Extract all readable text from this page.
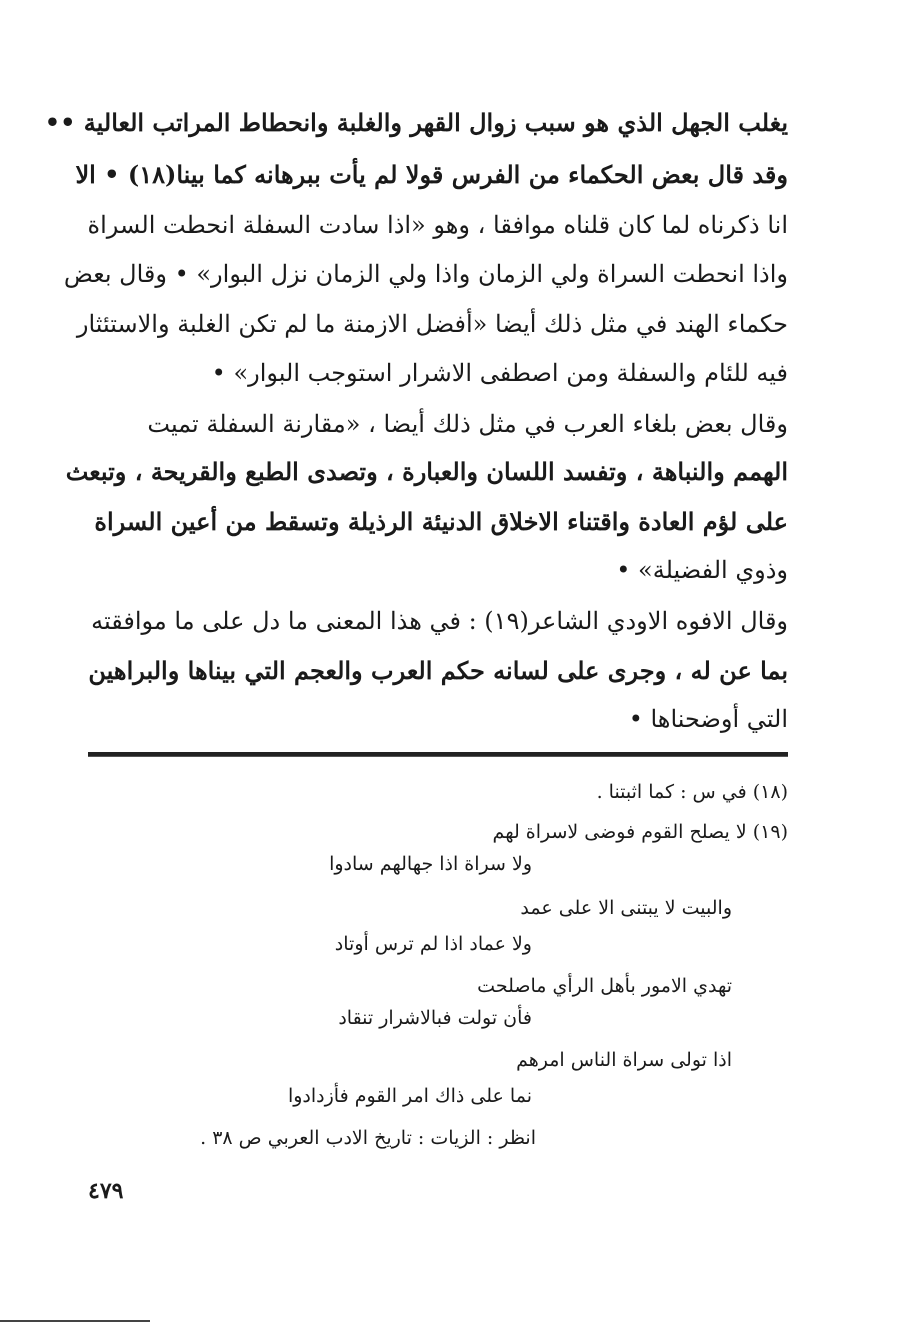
يغلب الجهل الذي هو سبب زوال القهر والغلبة وانحطاط المراتب العالية ••
وقد قال بعض الحكماء من الفرس قولا لم يأت ببرهانه كما بينا(١٨) • الا
انا ذكرناه لما كان قلناه موافقا ، وهو «اذا سادت السفلة انحطت السراة
واذا انحطت السراة ولي الزمان واذا ولي الزمان نزل البوار» • وقال بعض
حكماء الهند في مثل ذلك أيضا «أفضل الازمنة ما لم تكن الغلبة والاستئثار
فيه للئام والسفلة ومن اصطفى الاشرار استوجب البوار» •
وقال بعض بلغاء العرب في مثل ذلك أيضا ، «مقارنة السفلة تميت
الهمم والنباهة ، وتفسد اللسان والعبارة ، وتصدى الطبع والقريحة ، وتبعث
على لؤم العادة واقتناء الاخلاق الدنيئة الرذيلة وتسقط من أعين السراة
وذوي الفضيلة» •
وقال الافوه الاودي الشاعر(١٩) : في هذا المعنى ما دل على ما موافقته
بما عن له ، وجرى على لسانه حكم العرب والعجم التي بيناها والبراهين
التي أوضحناها •
(١٨) في س : كما اثبتنا .
(١٩) لا يصلح القوم فوضى لاسراة لهم
ولا سراة اذا جهالهم سادوا
والبيت لا يبتنى الا على عمد
ولا عماد اذا لم ترس أوتاد
تهدي الامور بأهل الرأي ماصلحت
فأن تولت فبالاشرار تنقاد
اذا تولى سراة الناس امرهم
نما على ذاك امر القوم فأزدادوا
انظر : الزيات : تاريخ الادب العربي ص ٣٨ .
٤٧٩
